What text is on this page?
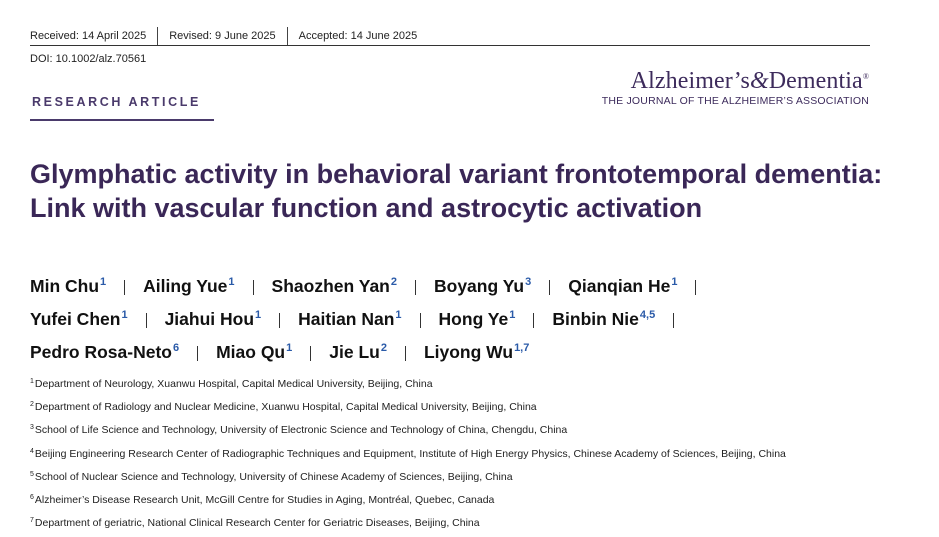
Received: 14 April 2025 Revised: 9 June 2025 Accepted: 14 June 2025
DOI: 10.1002/alz.70561
Alzheimer’s&Dementia®
THE JOURNAL OF THE ALZHEIMER’S ASSOCIATION
RESEARCH ARTICLE
Glymphatic activity in behavioral variant frontotemporal dementia: Link with vascular function and astrocytic activation
Min Chu 1 Ailing Yue 1 Shaozhen Yan 2 Boyang Yu 3 Qianqian He 1
Yufei Chen 1 Jiahui Hou 1 Haitian Nan 1 Hong Ye 1 Binbin Nie 4,5
Pedro Rosa-Neto 6 Miao Qu 1 Jie Lu 2 Liyong Wu 1,7
$^1$Department of Neurology, Xuanwu Hospital, Capital Medical University, Beijing, China
$^2$Department of Radiology and Nuclear Medicine, Xuanwu Hospital, Capital Medical University, Beijing, China
$^3$School of Life Science and Technology, University of Electronic Science and Technology of China, Chengdu, China
$^4$Beijing Engineering Research Center of Radiographic Techniques and Equipment, Institute of High Energy Physics, Chinese Academy of Sciences, Beijing, China
$^5$School of Nuclear Science and Technology, University of Chinese Academy of Sciences, Beijing, China
$^6$Alzheimer’s Disease Research Unit, McGill Centre for Studies in Aging, Montréal, Quebec, Canada
$^7$Department of geriatric, National Clinical Research Center for Geriatric Diseases, Beijing, China
